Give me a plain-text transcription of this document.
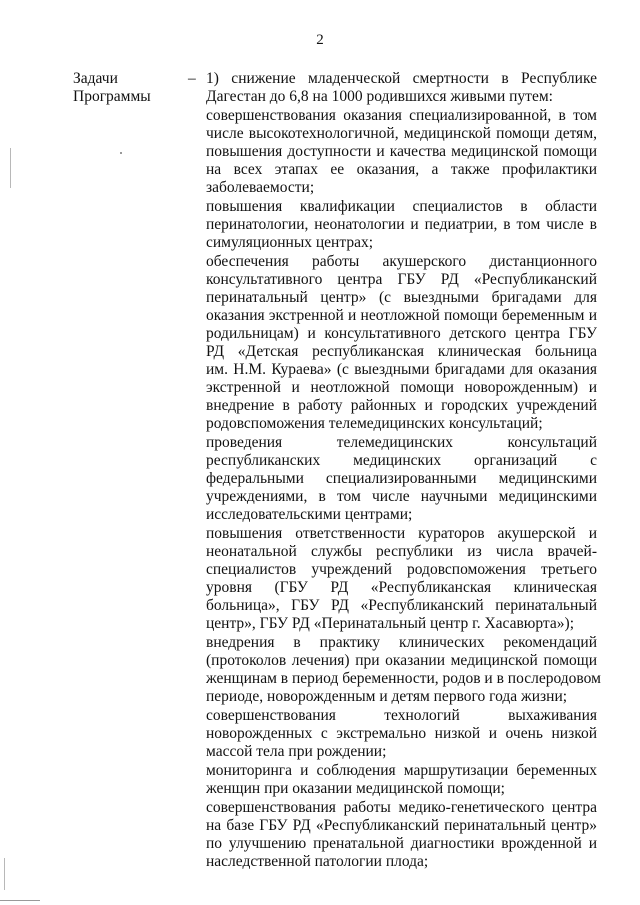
2
Задачи
Программы
– 1) снижение младенческой смертности в Республике
Дагестан до 6,8 на 1000 родившихся живыми путем:

совершенствования оказания специализированной, в том
числе высокотехнологичной, медицинской помощи детям,
повышения доступности и качества медицинской помощи
на всех этапах ее оказания, а также профилактики
заболеваемости;

повышения квалификации специалистов в области
перинатологии, неонатологии и педиатрии, в том числе в
симуляционных центрах;

обеспечения работы акушерского дистанционного
консультативного центра ГБУ РД «Республиканский
перинатальный центр» (с выездными бригадами для
оказания экстренной и неотложной помощи беременным и
родильницам) и консультативного детского центра ГБУ
РД «Детская республиканская клиническая больница
им. Н.М. Кураева» (с выездными бригадами для оказания
экстренной и неотложной помощи новорожденным) и
внедрение в работу районных и городских учреждений
родовспоможения телемедицинских консультаций;

проведения телемедицинских консультаций
республиканских медицинских организаций с
федеральными специализированными медицинскими
учреждениями, в том числе научными медицинскими
исследовательскими центрами;

повышения ответственности кураторов акушерской и
неонатальной службы республики из числа врачей-
специалистов учреждений родовспоможения третьего
уровня (ГБУ РД «Республиканская клиническая
больница», ГБУ РД «Республиканский перинатальный
центр», ГБУ РД «Перинатальный центр г. Хасавюрта»);

внедрения в практику клинических рекомендаций
(протоколов лечения) при оказании медицинской помощи
женщинам в период беременности, родов и в послеродовом
периоде, новорожденным и детям первого года жизни;

совершенствования технологий выхаживания
новорожденных с экстремально низкой и очень низкой
массой тела при рождении;

мониторинга и соблюдения маршрутизации беременных
женщин при оказании медицинской помощи;

совершенствования работы медико-генетического центра
на базе ГБУ РД «Республиканский перинатальный центр»
по улучшению пренатальной диагностики врожденной и
наследственной патологии плода;
